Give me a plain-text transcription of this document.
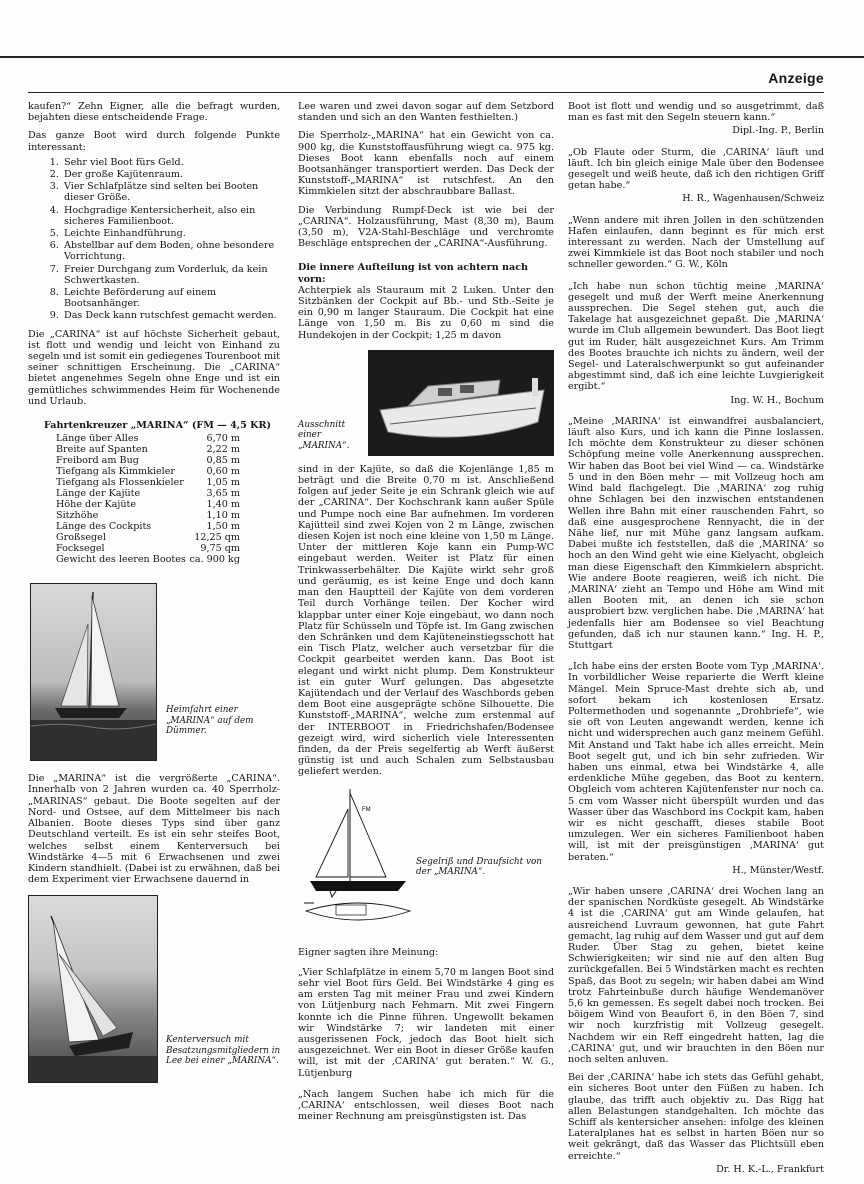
Anzeige

kaufen?“ Zehn Eigner, alle die befragt wurden, bejahten diese entscheidende Frage.

Das ganze Boot wird durch folgende Punkte interessant:

1. Sehr viel Boot fürs Geld.
2. Der große Kajütenraum.
3. Vier Schlafplätze sind selten bei Booten dieser Größe.
4. Hochgradige Kentersicherheit, also ein sicheres Familienboot.
5. Leichte Einhandführung.
6. Abstellbar auf dem Boden, ohne besondere Vorrichtung.
7. Freier Durchgang zum Vorderluk, da kein Schwertkasten.
8. Leichte Beförderung auf einem Bootsanhänger.
9. Das Deck kann rutschfest gemacht werden.

Die „CARINA“ ist auf höchste Sicherheit gebaut, ist flott und wendig und leicht von Einhand zu segeln und ist somit ein gediegenes Tourenboot mit seiner schnittigen Erscheinung. Die „CARINA“ bietet angenehmes Segeln ohne Enge und ist ein gemütliches schwimmendes Heim für Wochenende und Urlaub.

Fahrtenkreuzer „MARINA“ (FM — 4,5 KR)
Länge über Alles	6,70 m
Breite auf Spanten	2,22 m
Freibord am Bug	0,85 m
Tiefgang als Kimmkieler	0,60 m
Tiefgang als Flossenkieler 1,05 m
Länge der Kajüte	3,65 m
Höhe der Kajüte	1,40 m
Sitzhöhe	1,10 m
Länge des Cockpits	1,50 m
Großsegel	12,25 qm
Focksegel	9,75 qm
Gewicht des leeren Bootes ca. 900 kg
Heimfahrt einer „MARINA“ auf dem Dümmer.

Die „MARINA“ ist die vergrößerte „CARINA“. Innerhalb von 2 Jahren wurden ca. 40 Sperrholz-„MARINAS“ gebaut. Die Boote segelten auf der Nord- und Ostsee, auf dem Mittelmeer bis nach Albanien. Boote dieses Typs sind über ganz Deutschland verteilt. Es ist ein sehr steifes Boot, welches selbst einem Kenterversuch bei Windstärke 4—5 mit 6 Erwachsenen und zwei Kindern standhielt. (Dabei ist zu erwähnen, daß bei dem Experiment vier Erwachsene dauernd in

Kenterversuch mit Besatzungsmitgliedern in Lee bei einer „MARINA“.

Lee waren und zwei davon sogar auf dem Setzbord standen und sich an den Wanten festhielten.)

Die Sperrholz-„MARINA“ hat ein Gewicht von ca. 900 kg, die Kunststoffausführung wiegt ca. 975 kg. Dieses Boot kann ebenfalls noch auf einem Bootsanhänger transportiert werden. Das Deck der Kunststoff-„MARINA“ ist rutschfest. An den Kimmkielen sitzt der abschraubbare Ballast.

Die Verbindung Rumpf-Deck ist wie bei der „CARINA“. Holzausführung, Mast (8,30 m), Baum (3,50 m), V2A-Stahl-Beschläge und verchromte Beschläge entsprechen der „CARINA“-Ausführung.

Die innere Aufteilung ist von achtern nach vorn:

Achterpiek als Stauraum mit 2 Luken. Unter den Sitzbänken der Cockpit auf Bb.- und Stb.-Seite je ein 0,90 m langer Stauraum. Die Cockpit hat eine Länge von 1,50 m. Bis zu 0,60 m sind die Hundekojen in der Cockpit; 1,25 m davon

Ausschnitt einer „MARINA“.

sind in der Kajüte, so daß die Kojenlänge 1,85 m beträgt und die Breite 0,70 m ist. Anschließend folgen auf jeder Seite je ein Schrank gleich wie auf der „CARINA“. Der Kochschrank kann außer Spüle und Pumpe noch eine Bar aufnehmen. Im vorderen Kajütteil sind zwei Kojen von 2 m Länge, zwischen diesen Kojen ist noch eine kleine von 1,50 m Länge. Unter der mittleren Koje kann ein Pump-WC eingebaut werden. Weiter ist Platz für einen Trinkwasserbehälter. Die Kajüte wirkt sehr groß und geräumig, es ist keine Enge und doch kann man den Hauptteil der Kajüte von dem vorderen Teil durch Vorhänge teilen. Der Kocher wird klappbar unter einer Koje eingebaut, wo dann noch Platz für Schüsseln und Töpfe ist. Im Gang zwischen den Schränken und dem Kajüteneinstiegsschott hat ein Tisch Platz, welcher auch versetzbar für die Cockpit gearbeitet werden kann. Das Boot ist elegant und wirkt nicht plump. Dem Konstrukteur ist ein guter Wurf gelungen. Das abgesetzte Kajütendach und der Verlauf des Waschbords geben dem Boot eine ausgeprägte schöne Silhouette. Die Kunststoff-„MARINA“, welche zum erstenmal auf der INTERBOOT in Friedrichshafen/Bodensee gezeigt wird, wird sicherlich viele Interessenten finden, da der Preis segelfertig ab Werft äußerst günstig ist und auch Schalen zum Selbstausbau geliefert werden.

FM
Segelriß und Draufsicht von der „MARINA“.

Eigner sagten ihre Meinung:

„Vier Schlafplätze in einem 5,70 m langen Boot sind sehr viel Boot fürs Geld. Bei Windstärke 4 ging es am ersten Tag mit meiner Frau und zwei Kindern von Lütjenburg nach Fehmarn. Mit zwei Fingern konnte ich die Pinne führen. Ungewollt bekamen wir Windstärke 7; wir landeten mit einer ausgerissenen Fock, jedoch das Boot hielt sich ausgezeichnet. Wer ein Boot in dieser Größe kaufen will, ist mit der ‚CARINA‘ gut beraten.“ W. G., Lütjenburg

„Nach langem Suchen habe ich mich für die ‚CARINA‘ entschlossen, weil dieses Boot nach meiner Rechnung am preisgünstigsten ist. Das

Boot ist flott und wendig und so ausgetrimmt, daß man es fast mit den Segeln steuern kann.“

Dipl.-Ing. P., Berlin

„Ob Flaute oder Sturm, die ‚CARINA‘ läuft und läuft. Ich bin gleich einige Male über den Bodensee gesegelt und weiß heute, daß ich den richtigen Griff getan habe.“

H. R., Wagenhausen/Schweiz

„Wenn andere mit ihren Jollen in den schützenden Hafen einlaufen, dann beginnt es für mich erst interessant zu werden. Nach der Umstellung auf zwei Kimmkiele ist das Boot noch stabiler und noch schneller geworden.“ G. W., Köln

„Ich habe nun schon tüchtig meine ‚MARINA‘ gesegelt und muß der Werft meine Anerkennung aussprechen. Die Segel stehen gut, auch die Takelage hat ausgezeichnet gepaßt. Die ‚MARINA‘ wurde im Club allgemein bewundert. Das Boot liegt gut im Ruder, hält ausgezeichnet Kurs. Am Trimm des Bootes brauchte ich nichts zu ändern, weil der Segel- und Lateralschwerpunkt so gut aufeinander abgestimmt sind, daß ich eine leichte Luvgierigkeit ergibt.“

Ing. W. H., Bochum

„Meine ‚MARINA‘ ist einwandfrei ausbalanciert, läuft also Kurs, und ich kann die Pinne loslassen. Ich möchte dem Konstrukteur zu dieser schönen Schöpfung meine volle Anerkennung aussprechen. Wir haben das Boot bei viel Wind — ca. Windstärke 5 und in den Böen mehr — mit Vollzeug hoch am Wind bald flachgelegt. Die ‚MARINA‘ zog ruhig ohne Schlagen bei den inzwischen entstandenen Wellen ihre Bahn mit einer rauschenden Fahrt, so daß eine ausgesprochene Rennyacht, die in der Nähe lief, nur mit Mühe ganz langsam aufkam. Dabei mußte ich feststellen, daß die ‚MARINA‘ so hoch an den Wind geht wie eine Kielyacht, obgleich man diese Eigenschaft den Kimmkielern abspricht. Wie andere Boote reagieren, weiß ich nicht. Die ‚MARINA‘ zieht an Tempo und Höhe am Wind mit allen Booten mit, an denen ich sie schon ausprobiert bzw. verglichen habe. Die ‚MARINA‘ hat jedenfalls hier am Bodensee so viel Beachtung gefunden, daß ich nur staunen kann.“ Ing. H. P., Stuttgart

„Ich habe eins der ersten Boote vom Typ ‚MARINA‘. In vorbildlicher Weise reparierte die Werft kleine Mängel. Mein Spruce-Mast drehte sich ab, und sofort bekam ich kostenlosen Ersatz. Poltermethoden und sogenannte „Drohbriefe“, wie sie oft von Leuten angewandt werden, kenne ich nicht und widersprechen auch ganz meinem Gefühl. Mit Anstand und Takt habe ich alles erreicht. Mein Boot segelt gut, und ich bin sehr zufrieden. Wir haben uns einmal, etwa bei Windstärke 4, alle erdenkliche Mühe gegeben, das Boot zu kentern. Obgleich vom achteren Kajütenfenster nur noch ca. 5 cm vom Wasser nicht überspült wurden und das Wasser über das Waschbord ins Cockpit kam, haben wir es nicht geschafft, dieses stabile Boot umzulegen. Wer ein sicheres Familienboot haben will, ist mit der preisgünstigen ‚MARINA‘ gut beraten.“

H., Münster/Westf.

„Wir haben unsere ‚CARINA‘ drei Wochen lang an der spanischen Nordküste gesegelt. Ab Windstärke 4 ist die ‚CARINA‘ gut am Winde gelaufen, hat ausreichend Luvraum gewonnen, hat gute Fahrt gemacht, lag ruhig auf dem Wasser und gut auf dem Ruder. Über Stag zu gehen, bietet keine Schwierigkeiten; wir sind nie auf den alten Bug zurückgefallen. Bei 5 Windstärken macht es rechten Spaß, das Boot zu segeln; wir haben dabei am Wind trotz Fahrteinbuße durch häufige Wendemanöver 5,6 kn gemessen. Es segelt dabei noch trocken. Bei böigem Wind von Beaufort 6, in den Böen 7, sind wir noch kurzfristig mit Vollzeug gesegelt. Nachdem wir ein Reff eingedreht hatten, lag die ‚CARINA‘ gut, und wir brauchten in den Böen nur noch selten anluven.

Bei der ‚CARINA‘ habe ich stets das Gefühl gehabt, ein sicheres Boot unter den Füßen zu haben. Ich glaube, das trifft auch objektiv zu. Das Rigg hat allen Belastungen standgehalten. Ich möchte das Schiff als kentersicher ansehen: infolge des kleinen Lateralplanes hat es selbst in harten Böen nur so weit gekrängt, daß das Wasser das Plichtsüll eben erreichte.“

Dr. H. K.-L., Frankfurt
